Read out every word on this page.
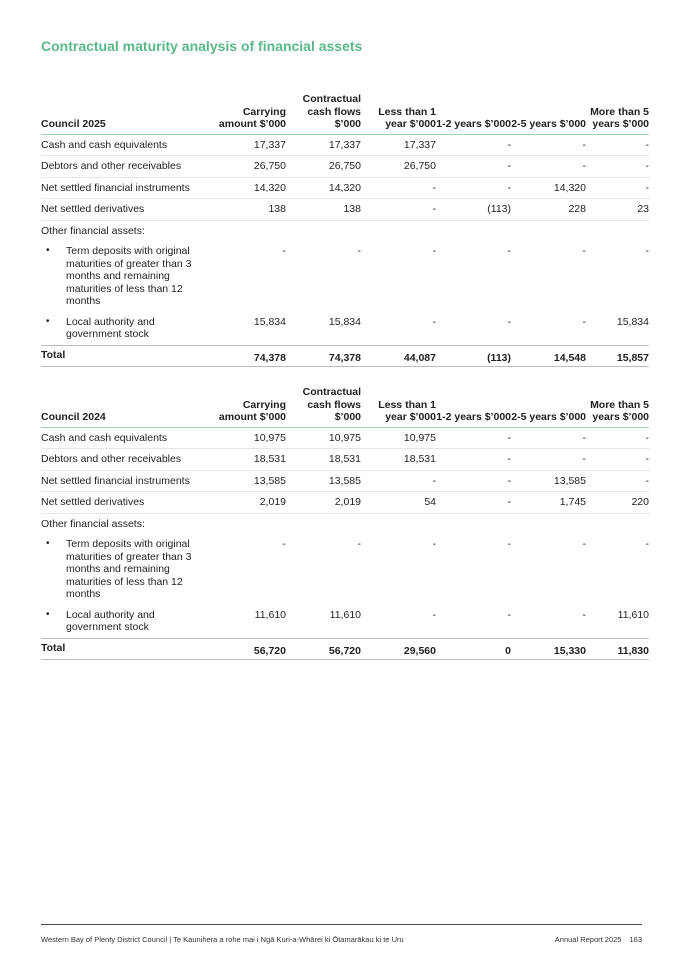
Contractual maturity analysis of financial assets
Council 2025	Carrying amount $’000	Contractual cash flows $’000	Less than 1 year $’000	1-2 years $’000	2-5 years $’000	More than 5 years $’000
Cash and cash equivalents	17,337	17,337	17,337	-	-	-
Debtors and other receivables	26,750	26,750	26,750	-	-	-
Net settled financial instruments	14,320	14,320	-	-	14,320	-
Net settled derivatives	138	138	-	(113)	228	23
Other financial assets:						

• Term deposits with original maturities of greater than 3 months and remaining maturities of less than 12 months	-	-	-	-	-	-

• Local authority and government stock	15,834	15,834	-	-	-	15,834
Total	74,378	74,378	44,087	(113)	14,548	15,857
Council 2024	Carrying amount $’000	Contractual cash flows $’000	Less than 1 year $’000	1-2 years $’000	2-5 years $’000	More than 5 years $’000
Cash and cash equivalents	10,975	10,975	10,975	-	-	-
Debtors and other receivables	18,531	18,531	18,531	-	-	-
Net settled financial instruments	13,585	13,585	-	-	13,585	-
Net settled derivatives	2,019	2,019	54	-	1,745	220
Other financial assets:						

• Term deposits with original maturities of greater than 3 months and remaining maturities of less than 12 months	-	-	-	-	-	-

• Local authority and government stock	11,610	11,610	-	-	-	11,610
Total	56,720	56,720	29,560	0	15,330	11,830
Western Bay of Plenty District Council | Te Kaunihera a rohe mai i Ngā Kuri-a-Whārei ki Ōtamarākau ki te Uru	Annual Report 2025 163
